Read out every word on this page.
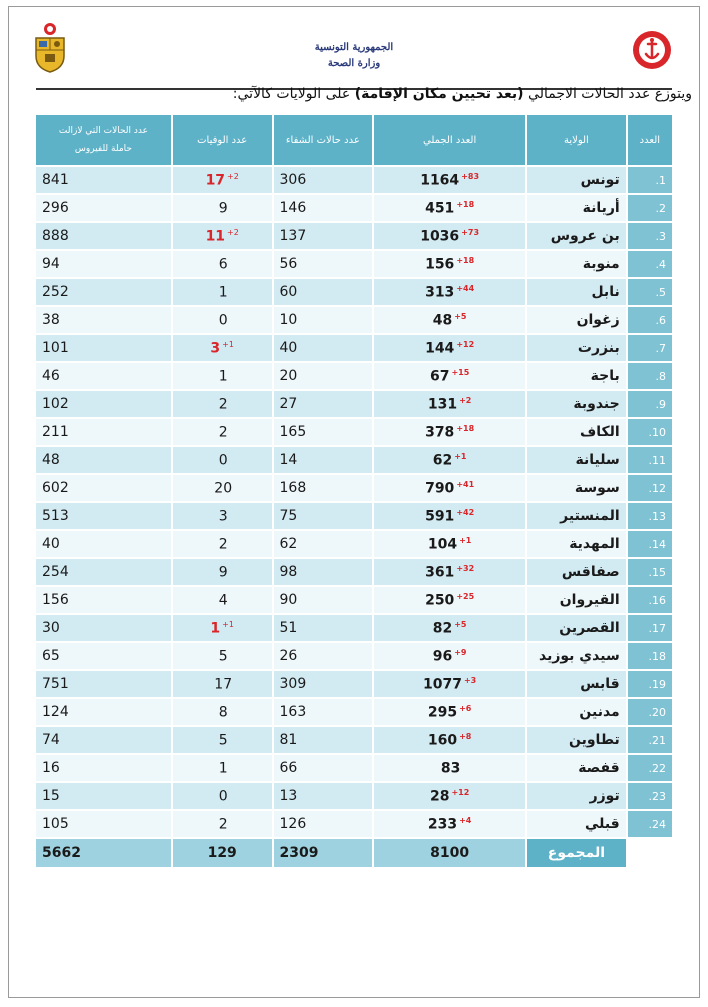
الجمهورية التونسية
وزارة الصحة
ويتوزع عدد الحالات الاجمالي (بعد تحيين مكان الإقامة) على الولايات كالآتي:
العدد	الولاية	العدد الجملي	عدد حالات الشفاء	عدد الوفيات	عدد الحالات التي لازالت
حاملة للفيروس

1.	تونس	1164 $^{+83}$	306	17 $^{+2}$	841
2.	أريانة	451 $^{+18}$	146	9	296
3.	بن عروس	1036 $^{+73}$	137	11 $^{+2}$	888
4.	منوبة	156 $^{+18}$	56	6	94
5.	نابل	313 $^{+44}$	60	1	252
6.	زغوان	48 $^{+5}$	10	0	38
7.	بنزرت	144 $^{+12}$	40	3 $^{+1}$	101
8.	باجة	67 $^{+15}$	20	1	46
9.	جندوبة	131 $^{+2}$	27	2	102
10.	الكاف	378 $^{+18}$	165	2	211
11.	سليانة	62 $^{+1}$	14	0	48
12.	سوسة	790 $^{+41}$	168	20	602
13.	المنستير	591 $^{+42}$	75	3	513
14.	المهدية	104 $^{+1}$	62	2	40
15.	صفاقس	361 $^{+32}$	98	9	254
16.	القيروان	250 $^{+25}$	90	4	156
17.	القصرين	82 $^{+5}$	51	1 $^{+1}$	30
18.	سيدي بوزيد	96 $^{+9}$	26	5	65
19.	قابس	1077 $^{+3}$	309	17	751
20.	مدنين	295 $^{+6}$	163	8	124
21.	تطاوين	160 $^{+8}$	81	5	74
22.	قفصة	83	66	1	16
23.	توزر	28 $^{+12}$	13	0	15
24.	قبلي	233 $^{+4}$	126	2	105
	المجموع	8100	2309	129	5662
